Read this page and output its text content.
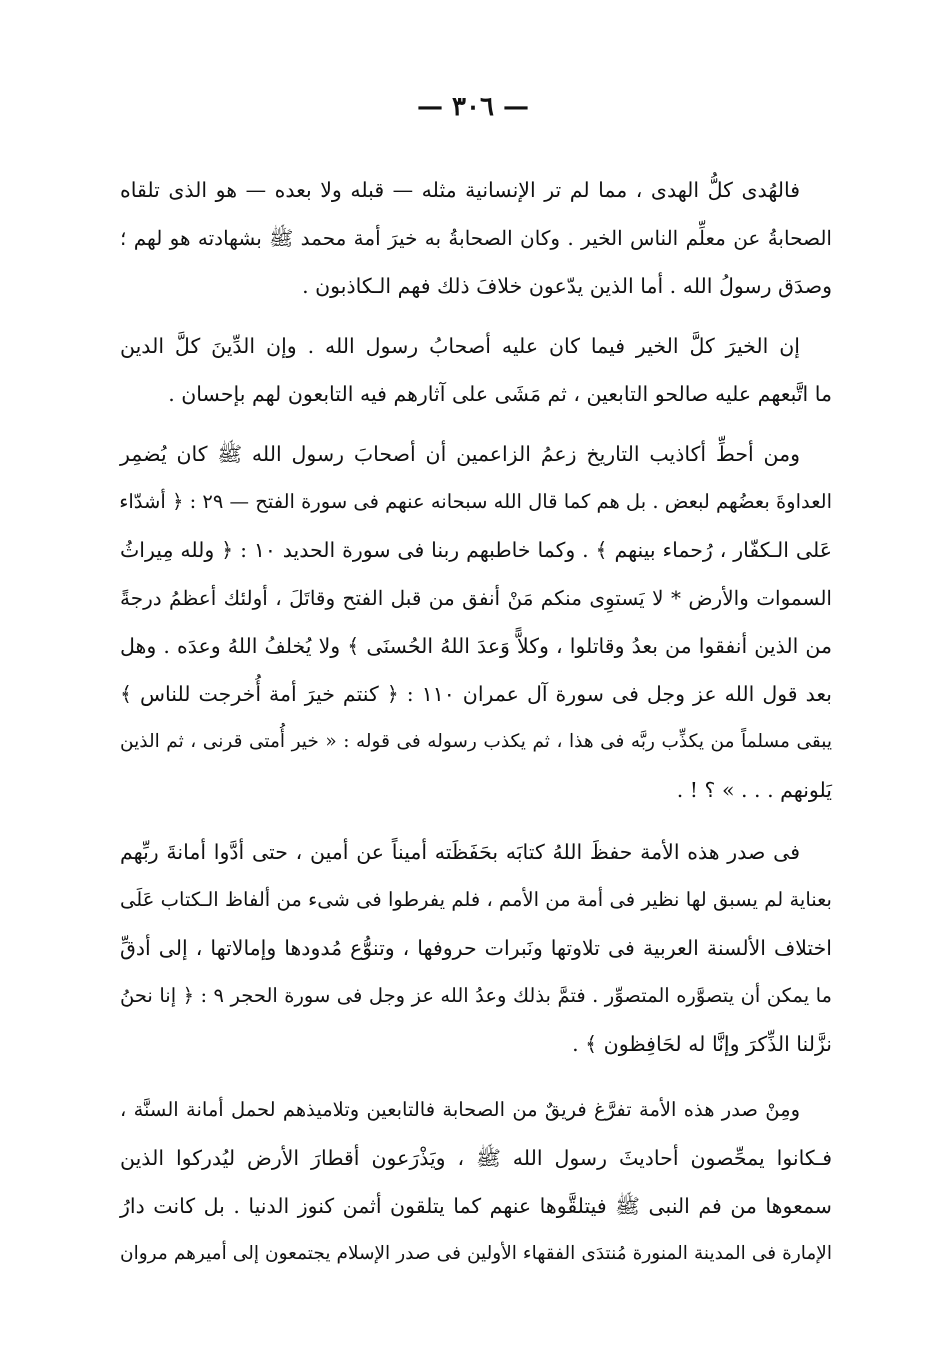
— ٣٠٦ —
فالهُدى كلُّ الهدى ، مما لم تر الإنسانية مثله — قبله ولا بعده — هو الذى تلقاه
الصحابةُ عن معلِّم الناس الخير . وكان الصحابةُ به خيرَ أمة محمد ﷺ بشهادته هو لهم ؛
وصدَق رسولُ الله . أما الذين يدّعون خلافَ ذلك فهم الـكاذبون .
إن الخيرَ كلَّ الخير فيما كان عليه أصحابُ رسول الله . وإن الدِّينَ كلَّ الدين
ما اتَّبعهم عليه صالحو التابعين ، ثم مَشَى على آثارهم فيه التابعون لهم بإحسان .
ومن أحطِّ أكاذيب التاريخ زعمُ الزاعمين أن أصحابَ رسول الله ﷺ كان يُضمِر
العداوةَ بعضُهم لبعض . بل هم كما قال الله سبحانه عنهم فى سورة الفتح — ٢٩ : ﴿ أشدّاء
عَلى الـكفّار ، رُحماء بينهم ﴾ . وكما خاطبهم ربنا فى سورة الحديد ١٠ : ﴿ ولله مِيراثُ
السموات والأرض * لا يَستوِى منكم مَنْ أنفق من قبل الفتح وقاتَلَ ، أولئك أعظمُ درجةً
من الذين أنفقوا من بعدُ وقاتلوا ، وكلاًّ وَعدَ اللهُ الحُسنَى ﴾ ولا يُخلفُ اللهُ وعدَه . وهل
بعد قول الله عز وجل فى سورة آل عمران ١١٠ : ﴿ كنتم خيرَ أمة أُخرجت للناس ﴾
يبقى مسلماً من يكذِّب ربَّه فى هذا ، ثم يكذب رسوله فى قوله : « خير أُمتى قرنى ، ثم الذين
يَلونهم . . . » ؟ ! .
فى صدر هذه الأمة حفظَ اللهُ كتابَه بحَفَظَته أميناً عن أمين ، حتى أدَّوا أمانةَ ربِّهم
بعناية لم يسبق لها نظير فى أمة من الأمم ، فلم يفرطوا فى شىء من ألفاظ الـكتاب عَلَى
اختلاف الألسنة العربية فى تلاوتها ونَبرات حروفها ، وتنوُّع مُدودها وإمالاتها ، إلى أدقِّ
ما يمكن أن يتصوَّره المتصوِّر . فتمَّ بذلك وعدُ الله عز وجل فى سورة الحجر ٩ : ﴿ إنا نحنُ
نزَّلنا الذِّكرَ وإنَّا له لحَافِظون ﴾ .
ومِنْ صدر هذه الأمة تفرَّغ فريقٌ من الصحابة فالتابعين وتلاميذهم لحمل أمانة السنَّة ،
فـكانوا يمحِّصون أحاديثَ رسول الله ﷺ ، ويَذْرَعون أقطارَ الأرض ليُدركوا الذين
سمعوها من فم النبى ﷺ فيتلقَّوها عنهم كما يتلقون أثمن كنوز الدنيا . بل كانت دارُ
الإمارة فى المدينة المنورة مُنتدَى الفقهاء الأولين فى صدر الإسلام يجتمعون إلى أميرهم مروان
